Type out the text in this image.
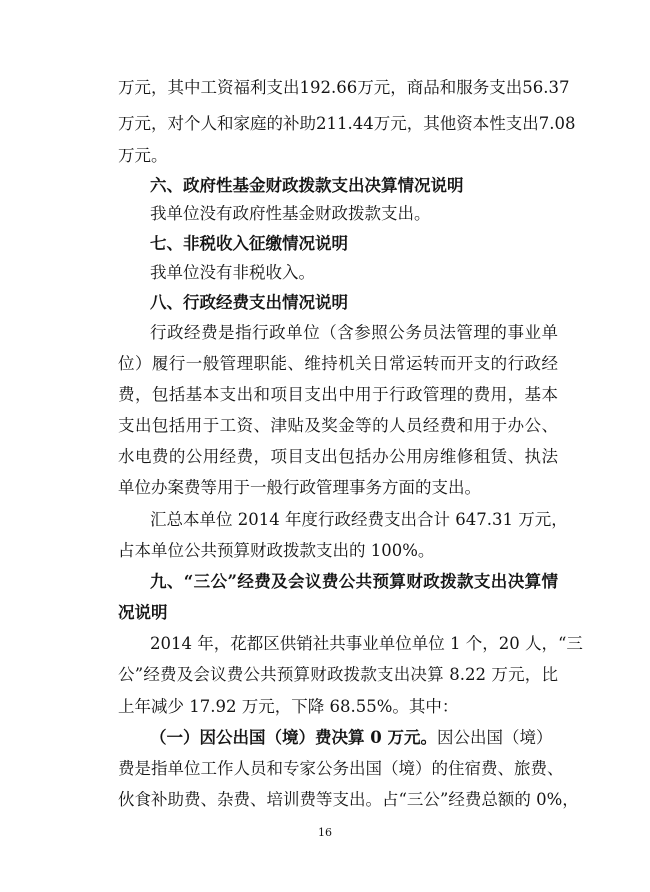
万元，其中工资福利支出192.66万元，商品和服务支出56.37
万元，对个人和家庭的补助211.44万元，其他资本性支出7.08
万元。
六、政府性基金财政拨款支出决算情况说明
我单位没有政府性基金财政拨款支出。
七、非税收入征缴情况说明
我单位没有非税收入。
八、行政经费支出情况说明
行政经费是指行政单位（含参照公务员法管理的事业单
位）履行一般管理职能、维持机关日常运转而开支的行政经
费，包括基本支出和项目支出中用于行政管理的费用，基本
支出包括用于工资、津贴及奖金等的人员经费和用于办公、
水电费的公用经费，项目支出包括办公用房维修租赁、执法
单位办案费等用于一般行政管理事务方面的支出。
汇总本单位 2014 年度行政经费支出合计 647.31 万元，
占本单位公共预算财政拨款支出的 100%。
九、“三公”经费及会议费公共预算财政拨款支出决算情
况说明
2014 年，花都区供销社共事业单位单位 1 个，20 人，“三
公”经费及会议费公共预算财政拨款支出决算 8.22 万元，比
上年减少 17.92 万元，下降 68.55%。其中：
（一）因公出国（境）费决算 0 万元。因公出国（境）
费是指单位工作人员和专家公务出国（境）的住宿费、旅费、
伙食补助费、杂费、培训费等支出。占“三公”经费总额的 0%，
16
